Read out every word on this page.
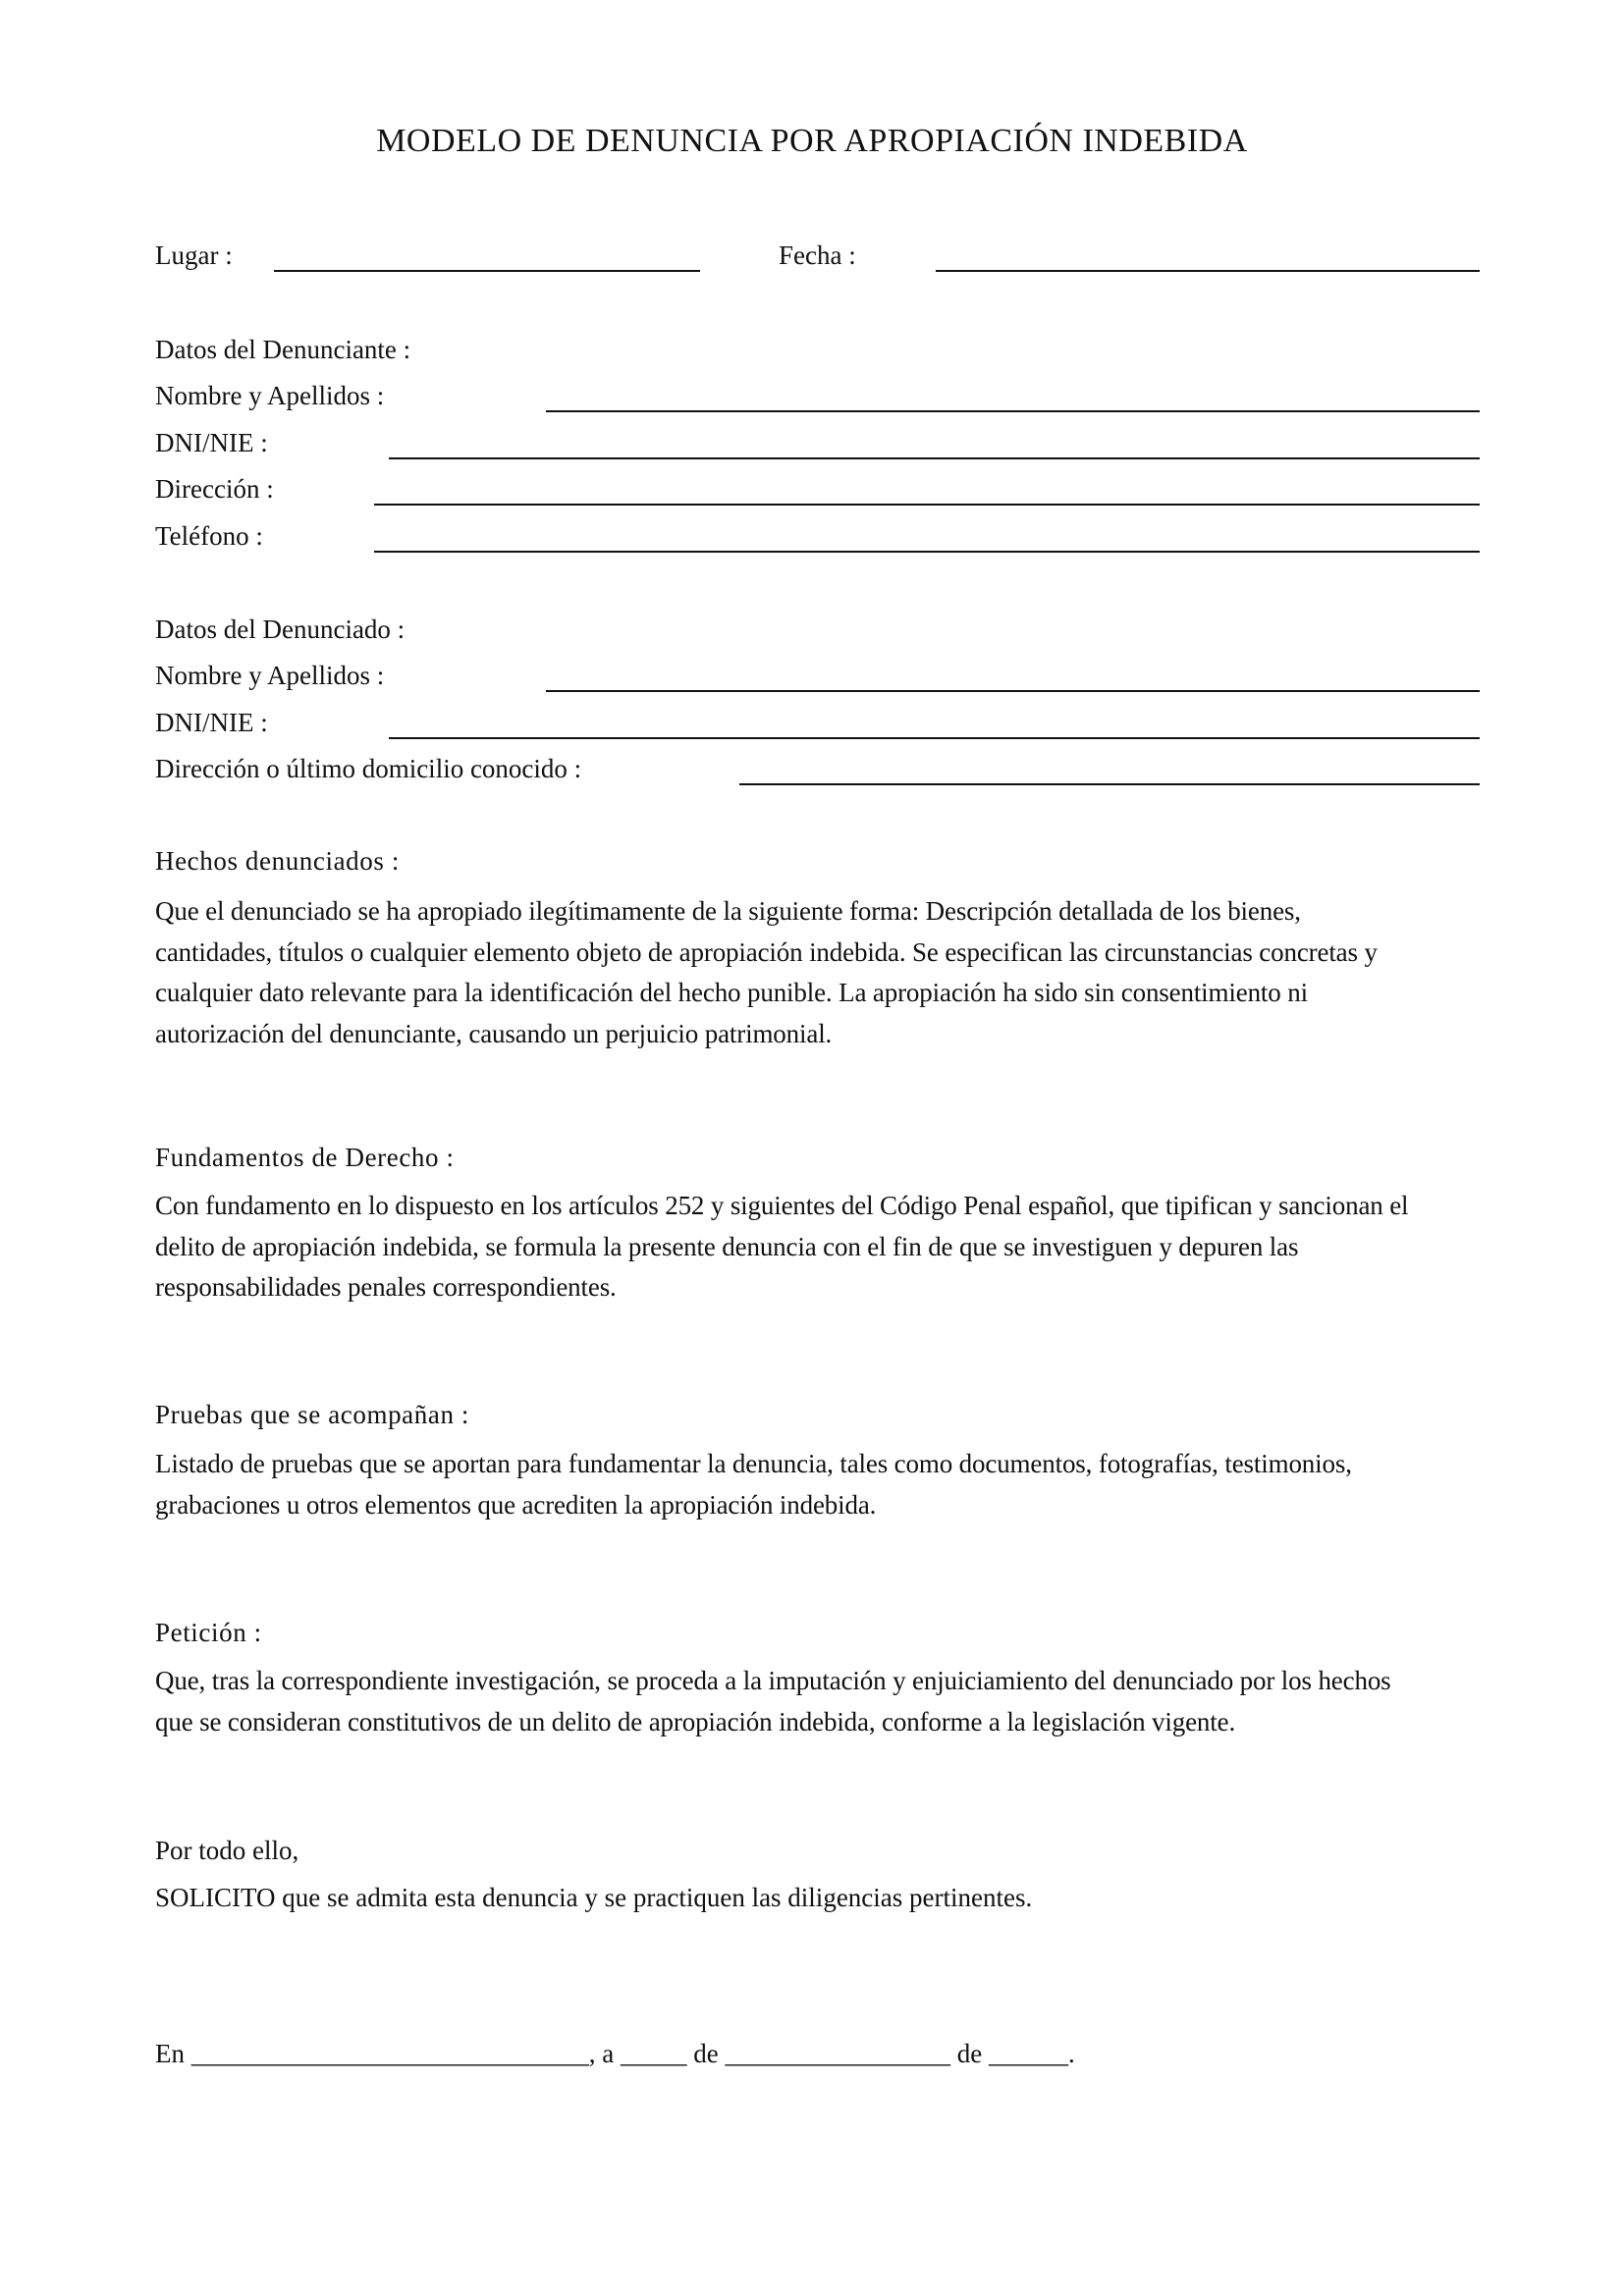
MODELO DE DENUNCIA POR APROPIACIÓN INDEBIDA
Lugar :	Fecha :
Datos del Denunciante :
Nombre y Apellidos :
DNI/NIE :
Dirección :
Teléfono :
Datos del Denunciado :
Nombre y Apellidos :
DNI/NIE :
Dirección o último domicilio conocido :
Hechos denunciados :

Que el denunciado se ha apropiado ilegítimamente de la siguiente forma: Descripción detallada de los bienes,

cantidades, títulos o cualquier elemento objeto de apropiación indebida. Se especifican las circunstancias concretas y

cualquier dato relevante para la identificación del hecho punible. La apropiación ha sido sin consentimiento ni

autorización del denunciante, causando un perjuicio patrimonial.

Fundamentos de Derecho :

Con fundamento en lo dispuesto en los artículos 252 y siguientes del Código Penal español, que tipifican y sancionan el

delito de apropiación indebida, se formula la presente denuncia con el fin de que se investiguen y depuren las

responsabilidades penales correspondientes.

Pruebas que se acompañan :

Listado de pruebas que se aportan para fundamentar la denuncia, tales como documentos, fotografías, testimonios,

grabaciones u otros elementos que acrediten la apropiación indebida.

Petición :

Que, tras la correspondiente investigación, se proceda a la imputación y enjuiciamiento del denunciado por los hechos

que se consideran constitutivos de un delito de apropiación indebida, conforme a la legislación vigente.

Por todo ello,
SOLICITO que se admita esta denuncia y se practiquen las diligencias pertinentes.
En ______________________________, a _____ de _________________ de ______.
